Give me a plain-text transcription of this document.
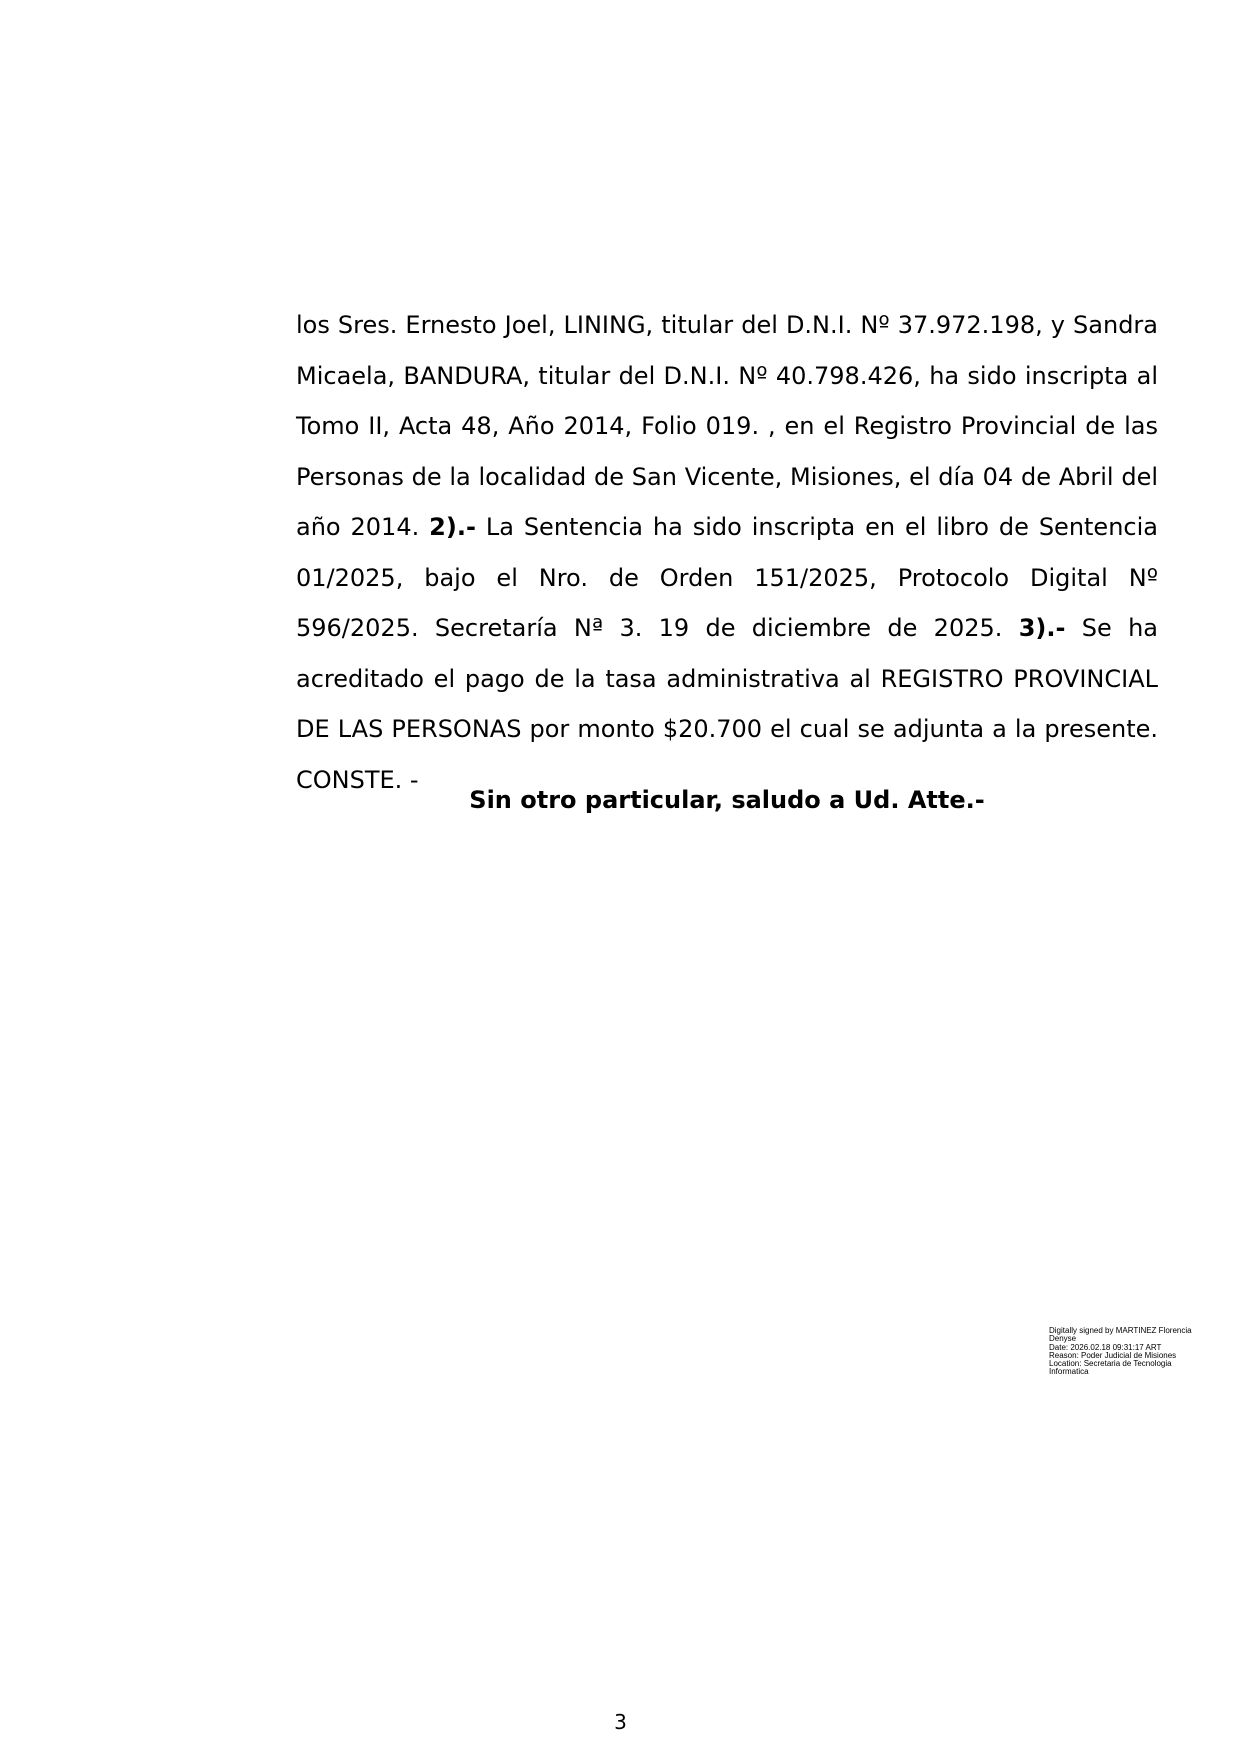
los Sres. Ernesto Joel, LINING, titular del D.N.I. Nº 37.972.198, y Sandra Micaela, BANDURA, titular del D.N.I. Nº 40.798.426, ha sido inscripta al Tomo II, Acta 48, Año 2014, Folio 019. , en el Registro Provincial de las Personas de la localidad de San Vicente, Misiones, el día 04 de Abril del año 2014. 2).- La Sentencia ha sido inscripta en el libro de Sentencia 01/2025, bajo el Nro. de Orden 151/2025, Protocolo Digital Nº 596/2025. Secretaría Nª 3. 19 de diciembre de 2025. 3).- Se ha acreditado el pago de la tasa administrativa al REGISTRO PROVINCIAL DE LAS PERSONAS por monto $20.700 el cual se adjunta a la presente. CONSTE. -

Sin otro particular, saludo a Ud. Atte.-

Digitally signed by MARTINEZ Florencia
Denyse
Date: 2026.02.18 09:31:17 ART
Reason: Poder Judicial de Misiones
Location: Secretaria de Tecnologia
Informatica
3
